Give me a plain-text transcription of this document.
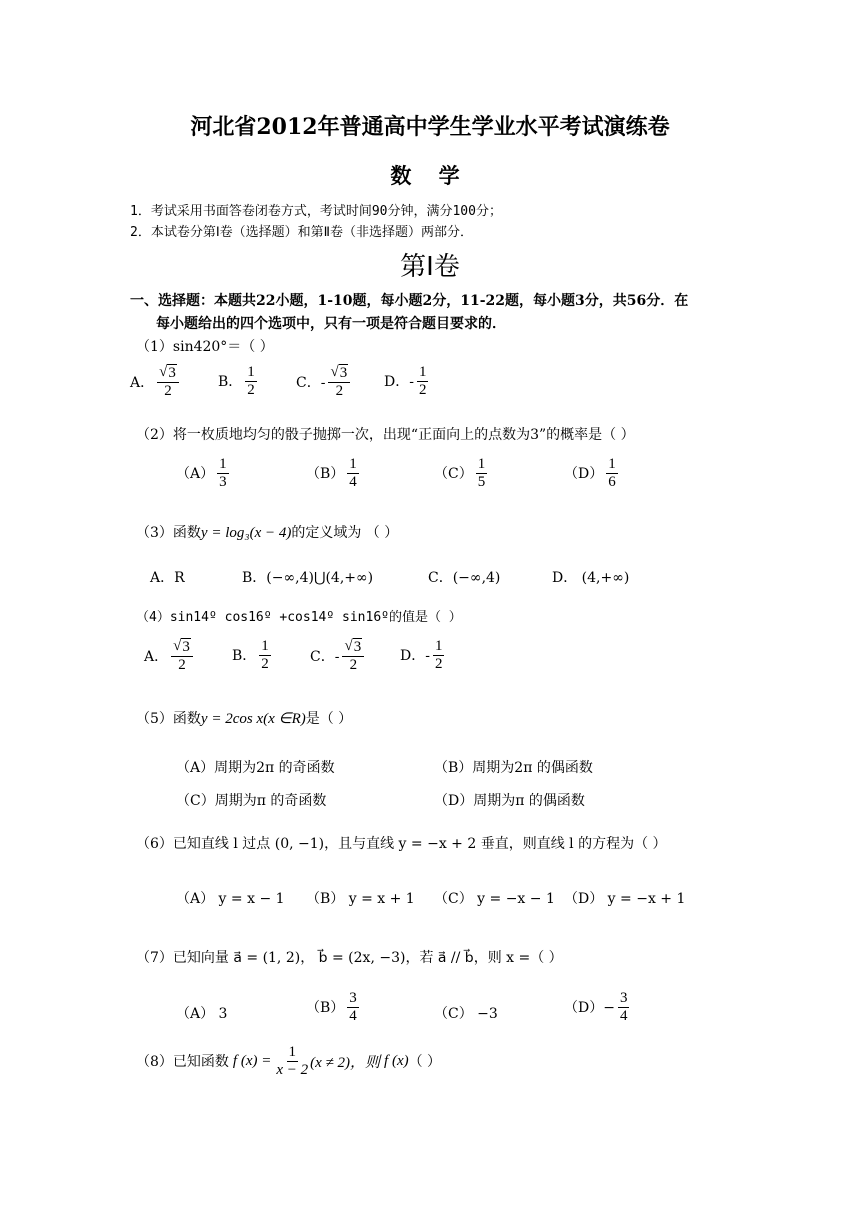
河北省2012年普通高中学生学业水平考试演练卷
数 学
1．考试采用书面答卷闭卷方式，考试时间90分钟，满分100分；
2．本试卷分第Ⅰ卷（选择题）和第Ⅱ卷（非选择题）两部分．
第Ⅰ卷
一、选择题：本题共22小题，1-10题，每小题2分，11-22题，每小题3分，共56分．在
每小题给出的四个选项中，只有一项是符合题目要求的．
（1）sin420°＝（ ）
A． $\frac{√ 3}{2}$	B． $\frac{1}{2}$	C．- $\frac{√ 3}{2}$ D．- $\frac{1}{2}$
（2）将一枚质地均匀的骰子抛掷一次，出现“正面向上的点数为3”的概率是（ ）
$(A) \frac{1}{3}$	$(B) \frac{1}{4}$	$(C) \frac{1}{5}$	$(D) \frac{1}{6}$
（3）函数y = log₃(x − 4)的定义域为 （ ）
A．R	B．(−∞,4)⋃(4,+∞)	C．(−∞,4)	D． (4,+∞)
（4）sin14º cos16º +cos14º sin16º的值是（ ）
A． $\frac{√ 3}{2}$	B． $\frac{1}{2}$	C．- $\frac{√ 3}{2}$	D．- $\frac{1}{2}$
（5）函数y = 2cos x(x ∈R)是（ ）
（A）周期为2π 的奇函数	（B）周期为2π 的偶函数
（C）周期为π 的奇函数	（D）周期为π 的偶函数
（6）已知直线 l 过点 (0, −1)，且与直线 y = −x + 2 垂直，则直线 l 的方程为（ ）
（A） y = x − 1 （B） y = x + 1 （C） y = −x − 1 （D） y = −x + 1
（7）已知向量 a⃗ = (1, 2)， b⃗ = (2x, −3)，若 a⃗ // b⃗，则 x =（ ）
（A） 3	$(B) \frac{3}{4}$	（C） −3	$(D)- \frac{3}{4}$
（8）已知函数 f $(x) = \frac{1}{x - 2} (x \ne 2)$，则 f (x) （ ）
